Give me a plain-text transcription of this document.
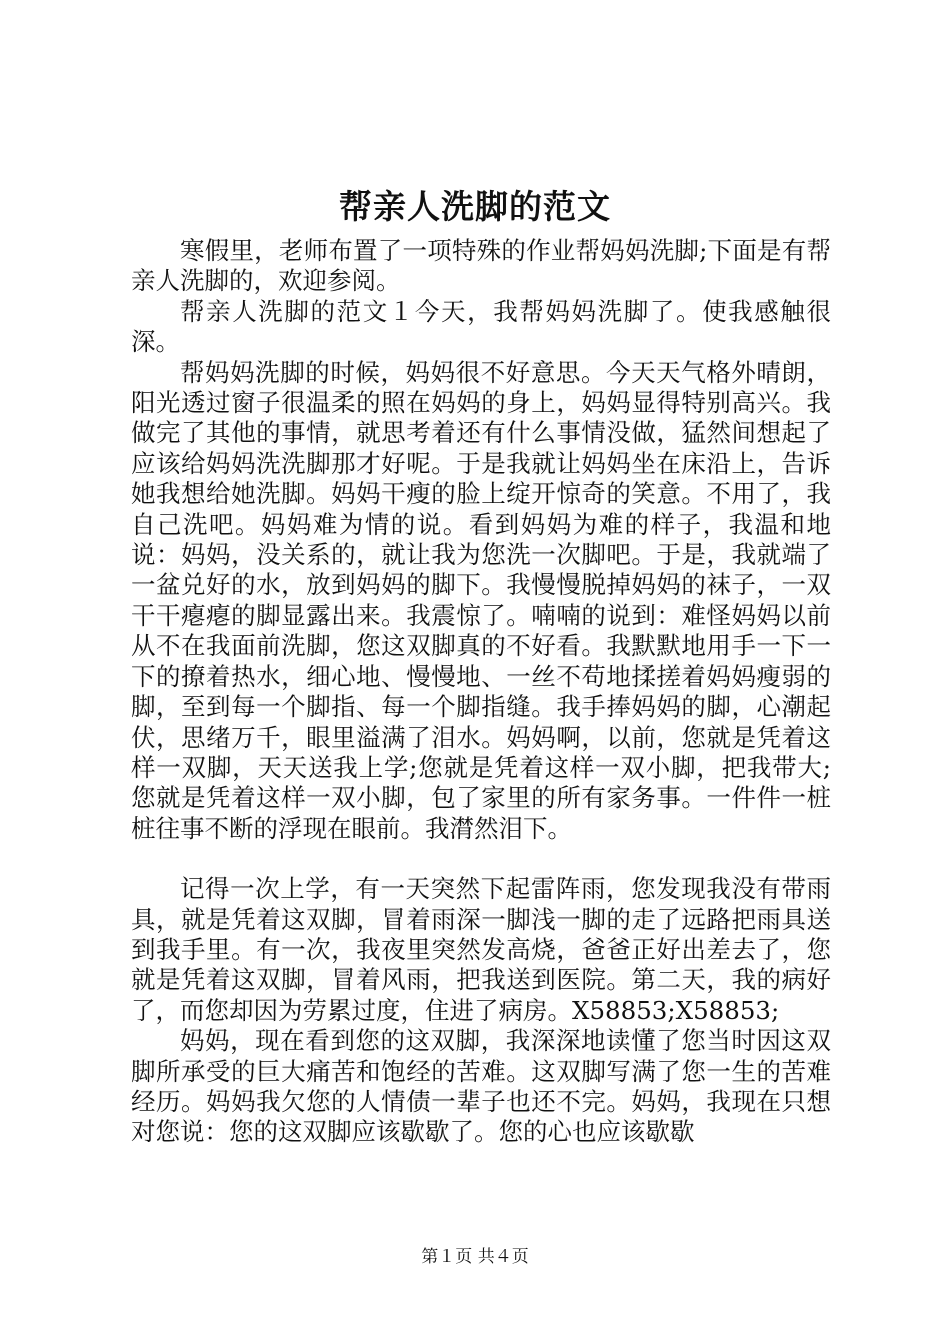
帮亲人洗脚的范文

寒假里，老师布置了一项特殊的作业帮妈妈洗脚;下面是有帮亲人洗脚的，欢迎参阅。

帮亲人洗脚的范文１今天，我帮妈妈洗脚了。使我感触很深。

帮妈妈洗脚的时候，妈妈很不好意思。今天天气格外晴朗，阳光透过窗子很温柔的照在妈妈的身上，妈妈显得特别高兴。我做完了其他的事情，就思考着还有什么事情没做，猛然间想起了应该给妈妈洗洗脚那才好呢。于是我就让妈妈坐在床沿上，告诉她我想给她洗脚。妈妈干瘦的脸上绽开惊奇的笑意。不用了，我自己洗吧。妈妈难为情的说。看到妈妈为难的样子，我温和地说：妈妈，没关系的，就让我为您洗一次脚吧。于是，我就端了一盆兑好的水，放到妈妈的脚下。我慢慢脱掉妈妈的袜子，一双干干瘪瘪的脚显露出来。我震惊了。喃喃的说到：难怪妈妈以前从不在我面前洗脚，您这双脚真的不好看。我默默地用手一下一下的撩着热水，细心地、慢慢地、一丝不苟地揉搓着妈妈瘦弱的脚，至到每一个脚指、每一个脚指缝。我手捧妈妈的脚，心潮起伏，思绪万千，眼里溢满了泪水。妈妈啊，以前，您就是凭着这样一双脚，天天送我上学;您就是凭着这样一双小脚，把我带大;您就是凭着这样一双小脚，包了家里的所有家务事。一件件一桩桩往事不断的浮现在眼前。我潸然泪下。

记得一次上学，有一天突然下起雷阵雨，您发现我没有带雨具，就是凭着这双脚，冒着雨深一脚浅一脚的走了远路把雨具送到我手里。有一次，我夜里突然发高烧，爸爸正好出差去了，您就是凭着这双脚，冒着风雨，把我送到医院。第二天，我的病好了，而您却因为劳累过度，住进了病房。X58853;X58853;

妈妈，现在看到您的这双脚，我深深地读懂了您当时因这双脚所承受的巨大痛苦和饱经的苦难。这双脚写满了您一生的苦难经历。妈妈我欠您的人情债一辈子也还不完。妈妈，我现在只想对您说：您的这双脚应该歇歇了。您的心也应该歇歇

第１页 共４页
